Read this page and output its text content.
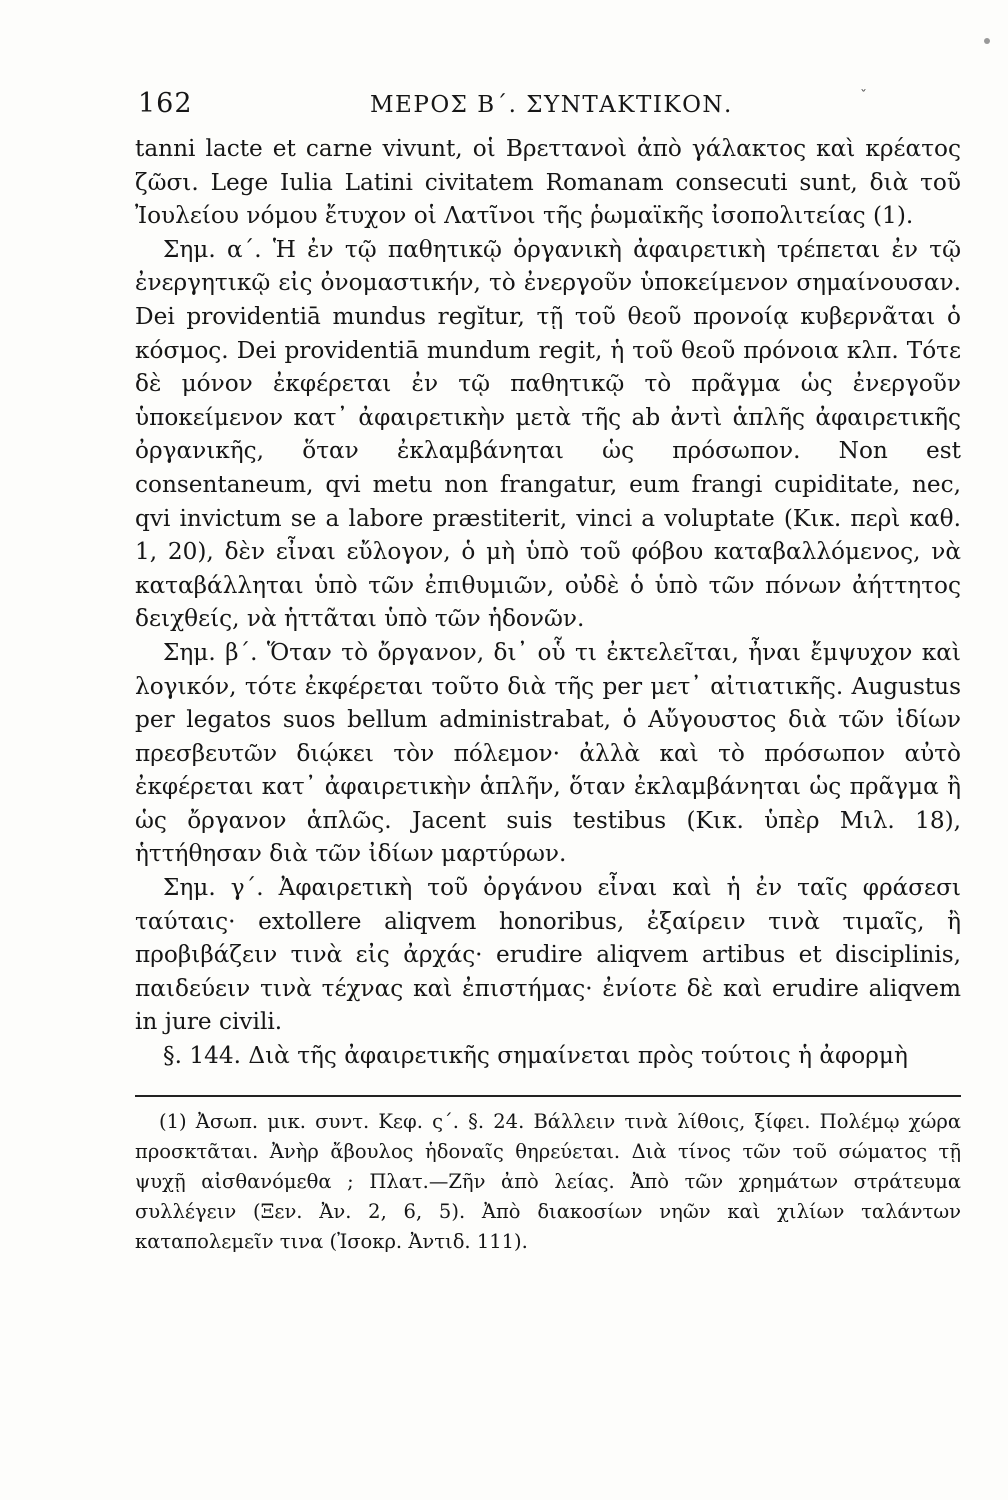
ˇ
162	ΜΕΡΟΣ Β΄. ΣΥΝΤΑΚΤΙΚΟΝ.

tanni lacte et carne vivunt, οἱ Βρεττανοὶ ἀπὸ γάλακτος καὶ κρέατος ζῶσι. Lege Iulia Latini civitatem Romanam consecuti sunt, διὰ τοῦ Ἰουλείου νόμου ἔτυχον οἱ Λατῖνοι τῆς ῥωμαϊκῆς ἰσοπολιτείας (1).

Σημ. α΄. Ἡ ἐν τῷ παθητικῷ ὀργανικὴ ἀφαιρετικὴ τρέπεται ἐν τῷ ἐνεργητικῷ εἰς ὀνομαστικήν, τὸ ἐνεργοῦν ὑποκείμενον σημαίνουσαν. Dei providentiā mundus regĭtur, τῇ τοῦ θεοῦ προνοίᾳ κυβερνᾶται ὁ κόσμος. Dei providentiā mundum regit, ἡ τοῦ θεοῦ πρόνοια κλπ. Τότε δὲ μόνον ἐκφέρεται ἐν τῷ παθητικῷ τὸ πρᾶγμα ὡς ἐνεργοῦν ὑποκείμενον κατ᾽ ἀφαιρετικὴν μετὰ τῆς ab ἀντὶ ἁπλῆς ἀφαιρετικῆς ὀργανικῆς, ὅταν ἐκλαμβάνηται ὡς πρόσωπον. Non est consentaneum, qvi metu non frangatur, eum frangi cupiditate, nec, qvi invictum se a labore præstiterit, vinci a voluptate (Κικ. περὶ καθ. 1, 20), δὲν εἶναι εὔλογον, ὁ μὴ ὑπὸ τοῦ φόβου καταβαλλόμενος, νὰ καταβάλληται ὑπὸ τῶν ἐπιθυμιῶν, οὐδὲ ὁ ὑπὸ τῶν πόνων ἀήττητος δειχθείς, νὰ ἡττᾶται ὑπὸ τῶν ἡδονῶν.

Σημ. β΄. Ὅταν τὸ ὄργανον, δι᾽ οὗ τι ἐκτελεῖται, ἦναι ἔμψυχον καὶ λογικόν, τότε ἐκφέρεται τοῦτο διὰ τῆς per μετ᾽ αἰτιατικῆς. Augustus per legatos suos bellum administrabat, ὁ Αὔγουστος διὰ τῶν ἰδίων πρεσβευτῶν διῴκει τὸν πόλεμον· ἀλλὰ καὶ τὸ πρόσωπον αὐτὸ ἐκφέρεται κατ᾽ ἀφαιρετικὴν ἁπλῆν, ὅταν ἐκλαμβάνηται ὡς πρᾶγμα ἢ ὡς ὄργανον ἁπλῶς. Jacent suis testibus (Κικ. ὑπὲρ Μιλ. 18), ἡττήθησαν διὰ τῶν ἰδίων μαρτύρων.

Σημ. γ΄. Ἀφαιρετικὴ τοῦ ὀργάνου εἶναι καὶ ἡ ἐν ταῖς φράσεσι ταύταις· extollere aliqvem honoribus, ἐξαίρειν τινὰ τιμαῖς, ἢ προβιβάζειν τινὰ εἰς ἀρχάς· erudire aliqvem artibus et disciplinis, παιδεύειν τινὰ τέχνας καὶ ἐπιστήμας· ἐνίοτε δὲ καὶ erudire aliqvem in jure civili.

§. 144. Διὰ τῆς ἀφαιρετικῆς σημαίνεται πρὸς τούτοις ἡ ἀφορμὴ

(1) Ἀσωπ. μικ. συντ. Κεφ. ς΄. §. 24. Βάλλειν τινὰ λίθοις, ξίφει. Πολέμῳ χώρα προσκτᾶται. Ἀνὴρ ἄβουλος ἡδοναῖς θηρεύεται. Διὰ τίνος τῶν τοῦ σώματος τῇ ψυχῇ αἰσθανόμεθα ; Πλατ.—Ζῆν ἀπὸ λείας. Ἀπὸ τῶν χρημάτων στράτευμα συλλέγειν (Ξεν. Ἀν. 2, 6, 5). Ἀπὸ διακοσίων νηῶν καὶ χιλίων ταλάντων καταπολεμεῖν τινα (Ἰσοκρ. Ἀντιδ. 111).
